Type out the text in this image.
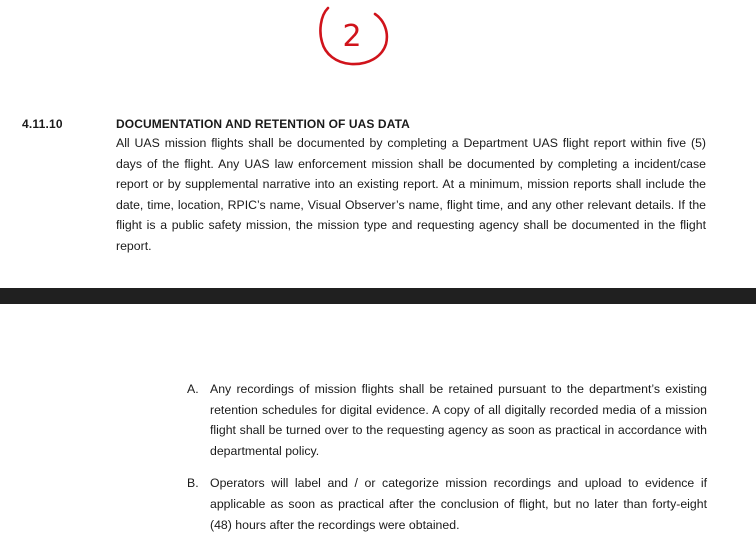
2
4.11.10	DOCUMENTATION AND RETENTION OF UAS DATA
All UAS mission flights shall be documented by completing a Department UAS flight report within five (5) days of the flight. Any UAS law enforcement mission shall be documented by completing a incident/case report or by supplemental narrative into an existing report. At a minimum, mission reports shall include the date, time, location, RPIC’s name, Visual Observer’s name, flight time, and any other relevant details. If the flight is a public safety mission, the mission type and requesting agency shall be documented in the flight report.
A. Any recordings of mission flights shall be retained pursuant to the department’s existing retention schedules for digital evidence. A copy of all digitally recorded media of a mission flight shall be turned over to the requesting agency as soon as practical in accordance with departmental policy.
B. Operators will label and / or categorize mission recordings and upload to evidence if applicable as soon as practical after the conclusion of flight, but no later than forty-eight (48) hours after the recordings were obtained.
